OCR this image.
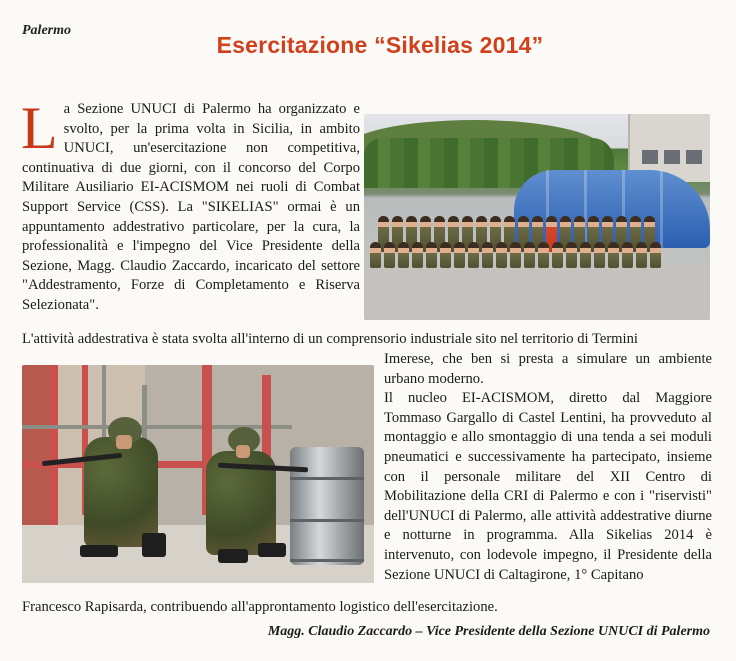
Palermo
Esercitazione “Sikelias 2014”
L a Sezione UNUCI di Palermo ha organizzato e svolto, per la prima volta in Sicilia, in ambito UNUCI, un'esercitazione non competitiva, continuativa di due giorni, con il concorso del Corpo Militare Ausiliario EI-ACISMOM nei ruoli di Combat Support Service (CSS). La "SIKELIAS" ormai è un appuntamento addestrativo particolare, per la cura, la professionalità e l'impegno del Vice Presidente della Sezione, Magg. Claudio Zaccardo, incaricato del settore "Addestramento, Forze di Completamento e Riserva Selezionata".
L'attività addestrativa è stata svolta all'interno di un comprensorio industriale sito nel territorio di Termini
Imerese, che ben si presta a simulare un ambiente urbano moderno.
Il nucleo EI-ACISMOM, diretto dal Maggiore Tommaso Gargallo di Castel Lentini, ha provveduto al montaggio e allo smontaggio di una tenda a sei moduli pneumatici e successivamente ha partecipato, insieme con il personale militare del XII Centro di Mobilitazione della CRI di Palermo e con i "riservisti" dell'UNUCI di Palermo, alle attività addestrative diurne e notturne in programma. Alla Sikelias 2014 è intervenuto, con lodevole impegno, il Presidente della Sezione UNUCI di Caltagirone, 1° Capitano
Francesco Rapisarda, contribuendo all'approntamento logistico dell'esercitazione.
Magg. Claudio Zaccardo – Vice Presidente della Sezione UNUCI di Palermo
